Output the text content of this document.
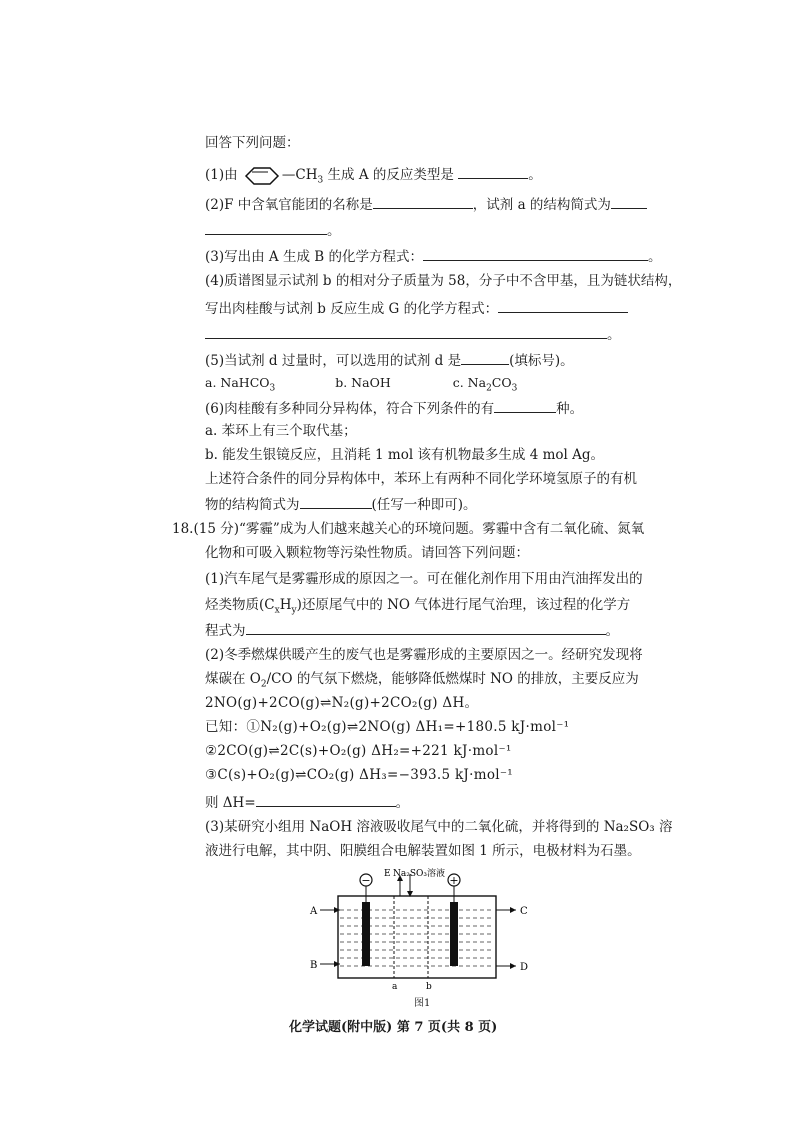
回答下列问题：
(1)由	$—CH_3$ 生成 A 的反应类型是	。
(2)F 中含氧官能团的名称是	，试剂 a 的结构简式为
。
(3)写出由 A 生成 B 的化学方程式：	。
(4)质谱图显示试剂 b 的相对分子质量为 58，分子中不含甲基，且为链状结构，
写出肉桂酸与试剂 b 反应生成 G 的化学方程式：
。
(5)当试剂 d 过量时，可以选用的试剂 d 是	(填标号)。
a. NaHCO$_3$	b. NaOH	c. $Na_2CO_3$
(6)肉桂酸有多种同分异构体，符合下列条件的有	种。
a. 苯环上有三个取代基；
b. 能发生银镜反应，且消耗 1 mol 该有机物最多生成 4 mol Ag。
上述符合条件的同分异构体中，苯环上有两种不同化学环境氢原子的有机
物的结构简式为	(任写一种即可)。
18.(15 分)“雾霾”成为人们越来越关心的环境问题。雾霾中含有二氧化硫、氮氧
化物和可吸入颗粒物等污染性物质。请回答下列问题：
(1)汽车尾气是雾霾形成的原因之一。可在催化剂作用下用由汽油挥发出的
烃类物质$(C_xH_y)$还原尾气中的 NO 气体进行尾气治理，该过程的化学方
程式为	。
(2)冬季燃煤供暖产生的废气也是雾霾形成的主要原因之一。经研究发现将
煤碳在 $O_2/CO$ 的气氛下燃烧，能够降低燃煤时 NO 的排放，主要反应为
2NO(g)+2CO(g)⇌N₂(g)+2CO₂(g) ΔH。
已知：①N₂(g)+O₂(g)⇌2NO(g) ΔH₁=+180.5 kJ·mol⁻¹
②2CO(g)⇌2C(s)+O₂(g) ΔH₂=+221 kJ·mol⁻¹
③C(s)+O₂(g)⇌CO₂(g) ΔH₃=−393.5 kJ·mol⁻¹
则 ΔH=	。
(3)某研究小组用 NaOH 溶液吸收尾气中的二氧化硫，并将得到的 Na₂SO₃ 溶
液进行电解，其中阴、阳膜组合电解装置如图 1 所示，电极材料为石墨。
−	+
E Na₂SO₃溶液
A
B
C
D
a	b
图1
化学试题(附中版) 第 7 页(共 8 页)
